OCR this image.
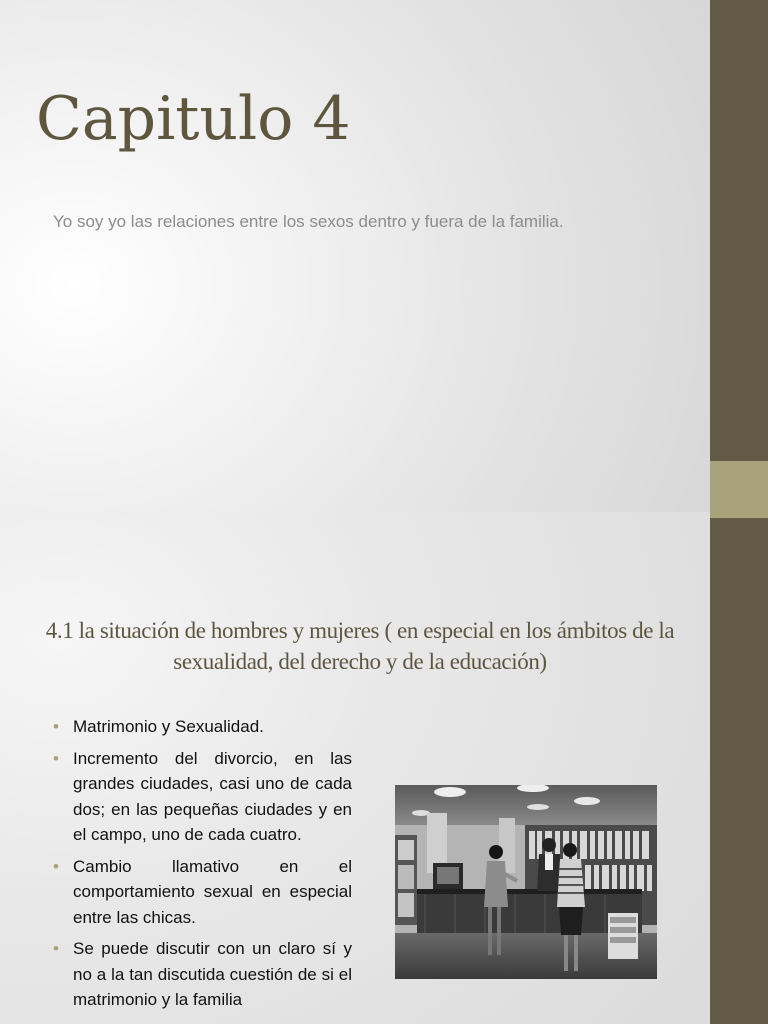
Capitulo 4
Yo soy yo las relaciones entre los sexos dentro y fuera de la familia.
4.1 la situación de hombres y mujeres ( en especial en los ámbitos de la sexualidad, del derecho y de la educación)
• Matrimonio y Sexualidad.
• Incremento del divorcio, en las grandes ciudades, casi uno de cada dos; en las pequeñas ciudades y en el campo, uno de cada cuatro.
• Cambio llamativo en el comportamiento sexual en especial entre las chicas.
• Se puede discutir con un claro sí y no a la tan discutida cuestión de si el matrimonio y la familia
